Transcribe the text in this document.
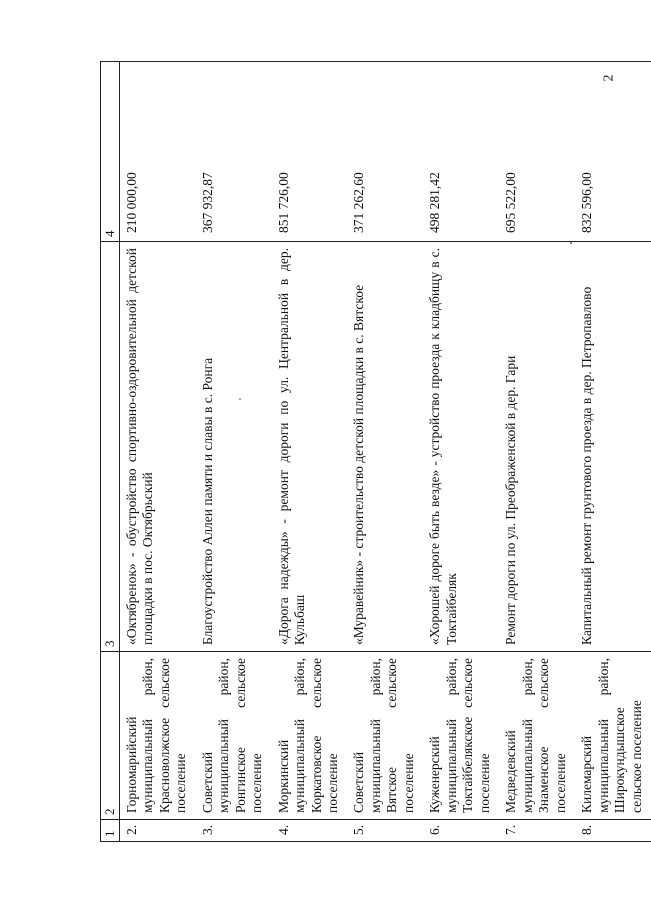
2
1	2	3	4
2.	Горномарийский муниципальный район, Красноволжское сельское поселение	«Октябренок» - обустройство спортивно-оздоровительной детской площадки в пос. Октябрьский	210 000,00
3.	Советский муниципальный район, Ронгинское сельское поселение	Благоустройство Аллеи памяти и славы в с. Ронга	367 932,87
4.	Моркинский муниципальный район, Коркатовское сельское поселение	«Дорога надежды» - ремонт дороги по ул. Центральной в дер. Кульбаш	851 726,00
5.	Советский муниципальный район, Вятское сельское поселение	«Муравейник» - строительство детской площадки в с. Вятское	371 262,60
6.	Куженерский муниципальный район, Токтайбелякское сельское поселение	«Хорошей дороге быть везде» - устройство проезда к кладбищу в с. Токтайбеляк	498 281,42
7.	Медведевский муниципальный район, Знаменское сельское поселение	Ремонт дороги по ул. Преображенской в дер. Гари	695 522,00
8.	Килемарский муниципальный район, Широкундышское сельское поселение	Капитальный ремонт грунтового проезда в дер. Петропавлово	832 596,00
